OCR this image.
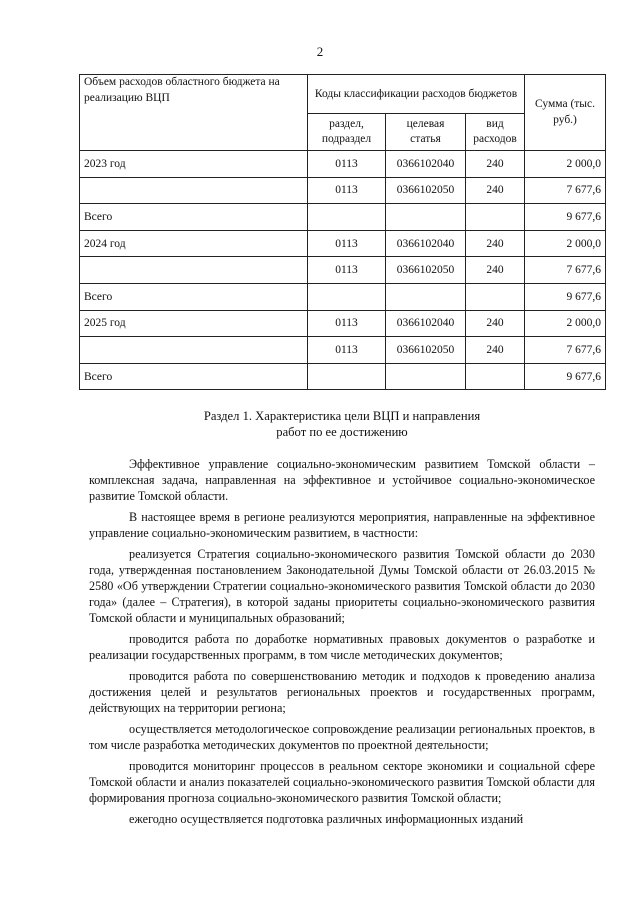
2
Объем расходов областного бюджета на реализацию ВЦП	Коды классификации расходов бюджетов			Сумма (тыс. руб.)
	раздел, подраздел	целевая статья	вид расходов	
2023 год	0113	0366102040	240	2 000,0
	0113	0366102050	240	7 677,6
Всего				9 677,6
2024 год	0113	0366102040	240	2 000,0
	0113	0366102050	240	7 677,6
Всего				9 677,6
2025 год	0113	0366102040	240	2 000,0
	0113	0366102050	240	7 677,6
Всего				9 677,6
Раздел 1. Характеристика цели ВЦП и направления
работ по ее достижению

Эффективное управление социально-экономическим развитием Томской области – комплексная задача, направленная на эффективное и устойчивое социально-экономическое развитие Томской области.

В настоящее время в регионе реализуются мероприятия, направленные на эффективное управление социально-экономическим развитием, в частности:

реализуется Стратегия социально-экономического развития Томской области до 2030 года, утвержденная постановлением Законодательной Думы Томской области от 26.03.2015 № 2580 «Об утверждении Стратегии социально-экономического развития Томской области до 2030 года» (далее – Стратегия), в которой заданы приоритеты социально-экономического развития Томской области и муниципальных образований;

проводится работа по доработке нормативных правовых документов о разработке и реализации государственных программ, в том числе методических документов;

проводится работа по совершенствованию методик и подходов к проведению анализа достижения целей и результатов региональных проектов и государственных программ, действующих на территории региона;

осуществляется методологическое сопровождение реализации региональных проектов, в том числе разработка методических документов по проектной деятельности;

проводится мониторинг процессов в реальном секторе экономики и социальной сфере Томской области и анализ показателей социально-экономического развития Томской области для формирования прогноза социально-экономического развития Томской области;

ежегодно осуществляется подготовка различных информационных изданий
